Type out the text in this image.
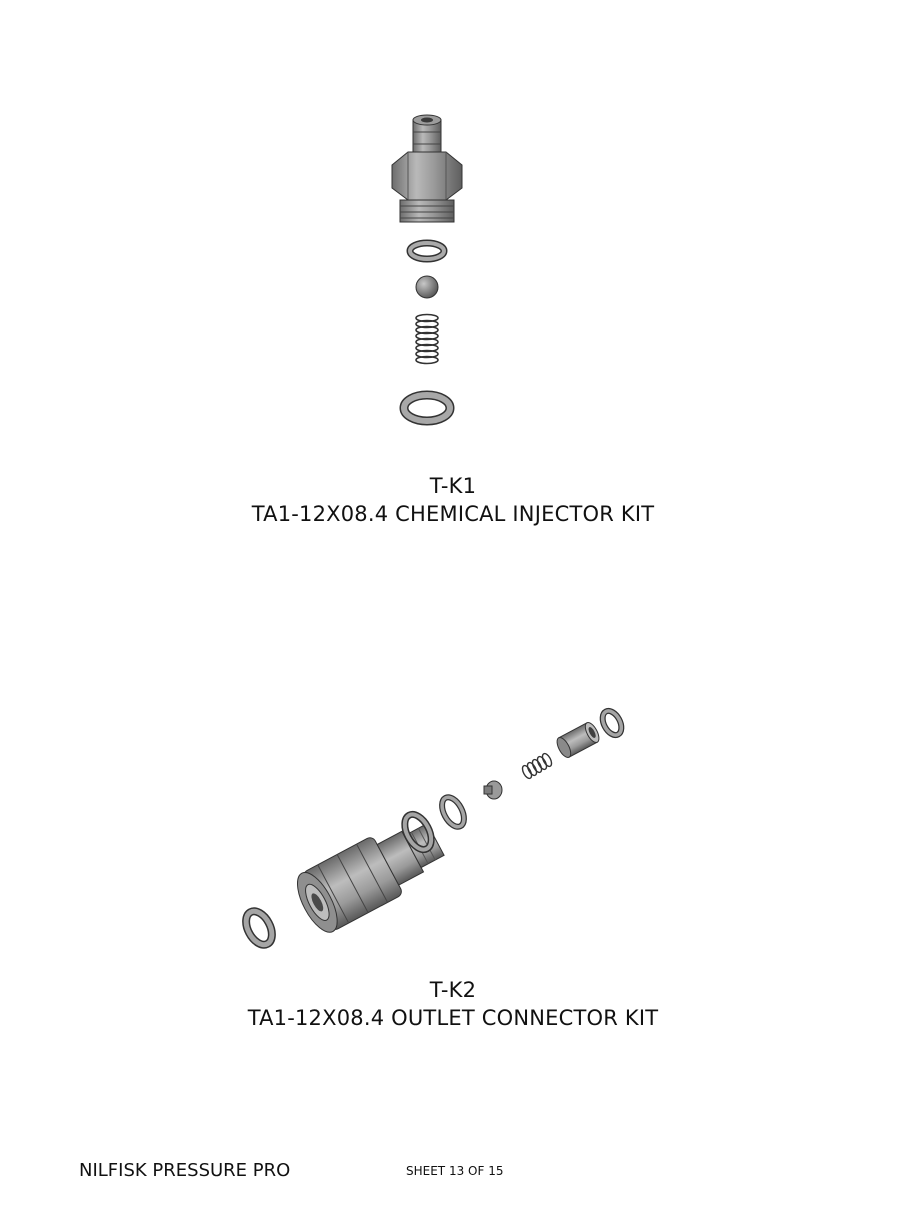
T-K1
TA1-12X08.4 CHEMICAL INJECTOR KIT
T-K2
TA1-12X08.4 OUTLET CONNECTOR KIT
NILFISK PRESSURE PRO	SHEET 13 OF 15
